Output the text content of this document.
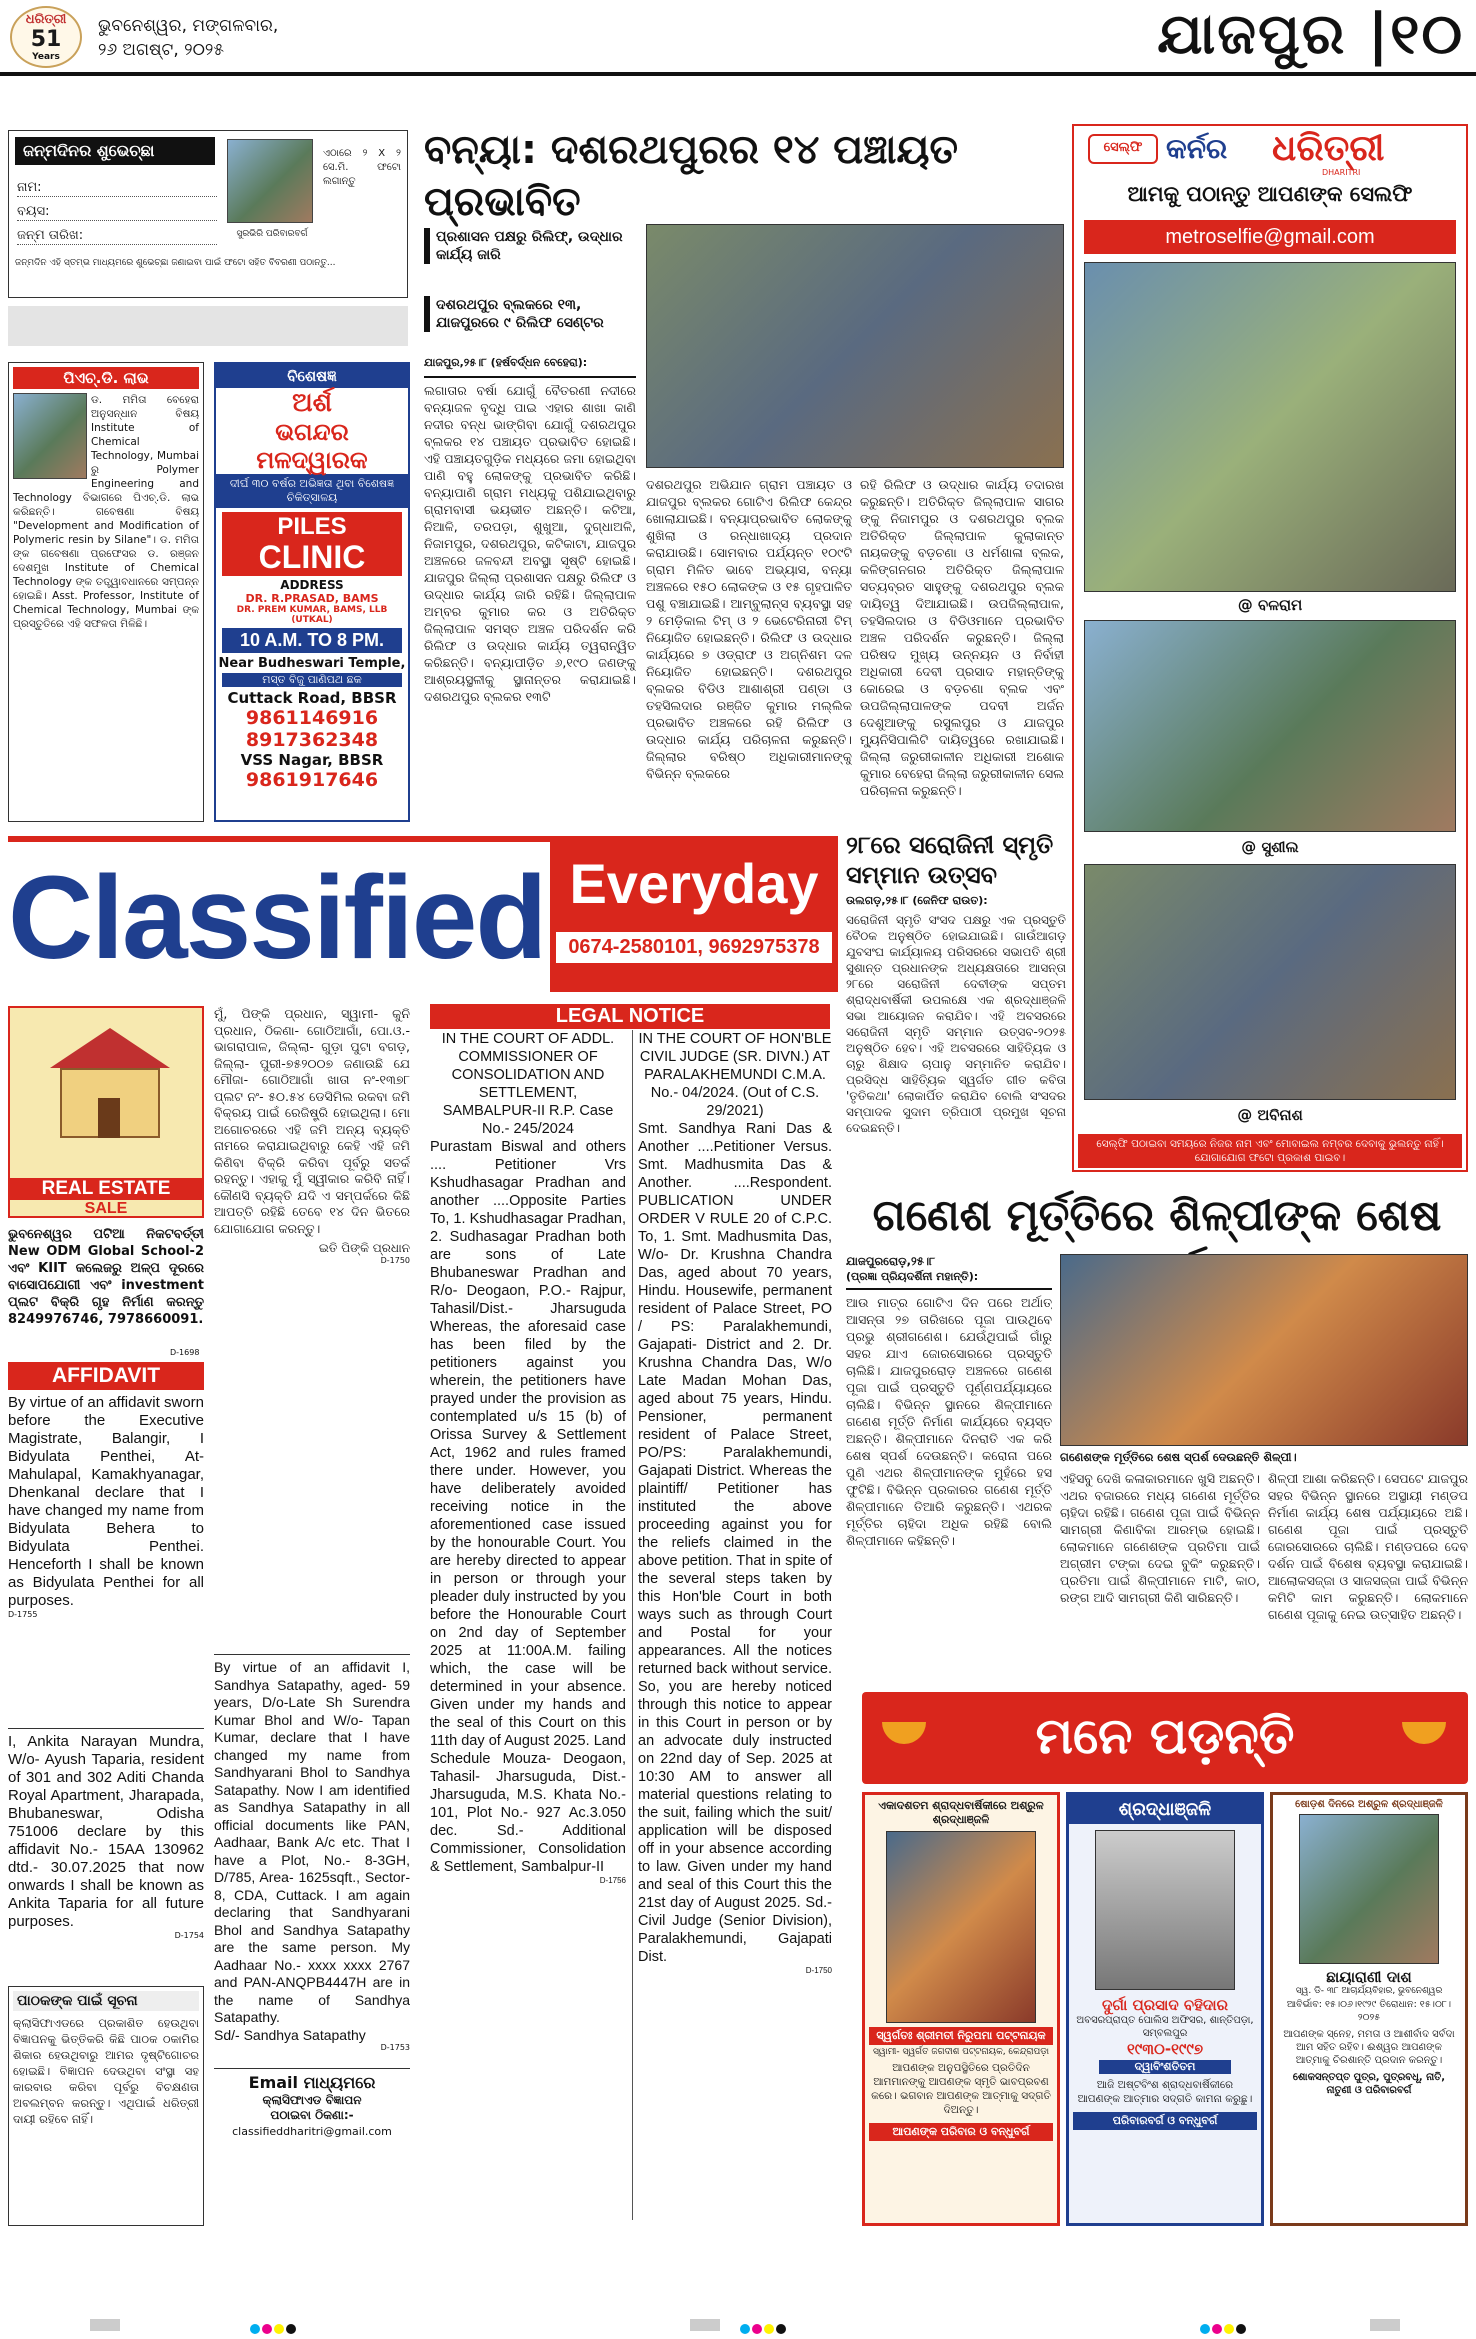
ଧରିତ୍ରୀ
51
Years
ଭୁବନେଶ୍ୱର, ମଙ୍ଗଳବାର,
୨୬ ଅଗଷ୍ଟ, ୨୦୨୫	ଯାଜପୁର |୧୦
ଜନ୍ମଦିନର ଶୁଭେଚ୍ଛା
ନାମ:
ବୟସ:
ଜନ୍ମ ତାରିଖ:
ଏଠାରେ ୨ X ୨ ସେ.ମି. ଫଟୋ ଲଗାନ୍ତୁ
ସୁରଭିରି ପରିବାରବର୍ଗ
ଜନ୍ମଦିନ ଏହି ସ୍ତମ୍ଭ ମାଧ୍ୟମରେ ଶୁଭେଚ୍ଛା ଜଣାଇବା ପାଇଁ ଫଟୋ ସହିତ ବିବରଣୀ ପଠାନ୍ତୁ...
ପିଏଚ୍.ଡି. ଲାଭ
ଡ. ମମିତା ବେହେରା ଅନୁସନ୍ଧାନ ବିଷୟ Institute of Chemical Technology, Mumbai ରୁ Polymer Engineering and Technology ବିଭାଗରେ ପିଏଚ୍.ଡି. ଲାଭ କରିଛନ୍ତି। ଗବେଷଣା ବିଷୟ "Development and Modification of Polymeric resin by Silane"। ଡ. ମମିତା ଙ୍କ ଗବେଷଣା ପ୍ରଫେସର ଡ. ରଞ୍ଜନ ଦେଶମୁଖ Institute of Chemical Technology ଙ୍କ ତତ୍ତ୍ୱାବଧାନରେ ସମ୍ପନ୍ନ ହୋଇଛି। Asst. Professor, Institute of Chemical Technology, Mumbai ଙ୍କ ପ୍ରସ୍ତୁତିରେ ଏହି ସଫଳତା ମିଳିଛି।
ବିଶେଷଜ୍ଞ
ଅର୍ଶ
ଭଗନ୍ଦର
ମଳଦ୍ୱାରକ
ଦୀର୍ଘ ୩୦ ବର୍ଷର ଅଭିଜ୍ଞତା ଥିବା ବିଶେଷଜ୍ଞ ଚିକିତ୍ସାଳୟ
PILES
CLINIC
ADDRESS
DR. R.PRASAD, BAMS
DR. PREM KUMAR, BAMS, LLB (UTKAL)
10 A.M. TO 8 PM.
Near Budheswari Temple,
ମସ୍ତ ବିଜୁ ପାଣିପଥ ଛକ
Cuttack Road, BBSR
9861146916
8917362348
VSS Nagar, BBSR
9861917646
ବନ୍ୟା: ଦଶରଥପୁରର ୧୪ ପଞ୍ଚାୟତ ପ୍ରଭାବିତ
ପ୍ରଶାସନ ପକ୍ଷରୁ ରିଲିଫ୍, ଉଦ୍ଧାର କାର୍ଯ୍ୟ ଜାରି
ଦଶରଥପୁର ବ୍ଲକରେ ୧୩, ଯାଜପୁରରେ ୯ ରିଲିଫ ସେଣ୍ଟର
ଯାଜପୁର,୨୫।୮ (ହର୍ଷବର୍ଦ୍ଧନ ବେହେରା):
ଲଗାତାର ବର୍ଷା ଯୋଗୁଁ ବୈତରଣୀ ନଦୀରେ ବନ୍ୟାଜଳ ବୃଦ୍ଧି ପାଇ ଏହାର ଶାଖା କାଣି ନଦୀର ବନ୍ଧ ଭାଙ୍ଗିବା ଯୋଗୁଁ ଦଶରଥପୁର ବ୍ଲକର ୧୪ ପଞ୍ଚାୟତ ପ୍ରଭାବିତ ହୋଇଛି। ଏହି ପଞ୍ଚାୟତଗୁଡ଼ିକ ମଧ୍ୟରେ ଜମା ହୋଇଥିବା ପାଣି ବହୁ ଲୋକଙ୍କୁ ପ୍ରଭାବିତ କରିଛି। ବନ୍ୟାପାଣି ଗ୍ରାମ ମଧ୍ୟକୁ ପଶିଯାଇଥିବାରୁ ଗ୍ରାମବାସୀ ଭୟଭୀତ ଅଛନ୍ତି। କଟିଆ, ନିଆଳି, ତରପଡ଼ା, ଶୁଖୁଆ, ଦୁଗ୍ଧାଅଳି, ନିଜାମପୁର, ଦଶରଥପୁର, କଟିକାଟା, ଯାଜପୁର ଅଞ୍ଚଳରେ ଜଳବନ୍ଦୀ ଅବସ୍ଥା ସୃଷ୍ଟି ହୋଇଛି। ଯାଜପୁର ଜିଲ୍ଲା ପ୍ରଶାସନ ପକ୍ଷରୁ ରିଲିଫ ଓ ଉଦ୍ଧାର କାର୍ଯ୍ୟ ଜାରି ରହିଛି। ଜିଲ୍ଲାପାଳ ଅମ୍ବର କୁମାର କର ଓ ଅତିରିକ୍ତ ଜିଲ୍ଲାପାଳ ସମସ୍ତ ଅଞ୍ଚଳ ପରିଦର୍ଶନ କରି ରିଲିଫ ଓ ଉଦ୍ଧାର କାର୍ଯ୍ୟ ତ୍ୱରାନ୍ୱିତ କରିଛନ୍ତି। ବନ୍ୟାପୀଡ଼ିତ ୬,୧୯୦ ଜଣଙ୍କୁ ଆଶ୍ରୟସ୍ଥଳୀକୁ ସ୍ଥାନାନ୍ତର କରାଯାଇଛି। ଦଶରଥପୁର ବ୍ଲକର ୧୩ଟି
ଦଶରଥପୁର ଅଭିଯାନ ଗ୍ରାମ ପଞ୍ଚାୟତ ଓ ଯାଜପୁର ବ୍ଲକର ଗୋଟିଏ ରିଲିଫ କେନ୍ଦ୍ର ଖୋଲାଯାଇଛି। ବନ୍ୟାପ୍ରଭାବିତ ଲୋକଙ୍କୁ ଶୁଖିଲା ଓ ରନ୍ଧାଖାଦ୍ୟ ପ୍ରଦାନ କରାଯାଉଛି। ସୋମବାର ପର୍ଯ୍ୟନ୍ତ ୧୦୯ଟି ଗ୍ରାମ ମିଳିତ ଭାବେ ଅଭ୍ୟାସ, ବନ୍ୟା ଅଞ୍ଚଳରେ ୧୫୦ ଲୋକଙ୍କ ଓ ୧୫ ଗୃହପାଳିତ ପଶୁ ବଞ୍ଚାଯାଇଛି। ଆମ୍ବୁଲାନ୍ସ ବ୍ୟବସ୍ଥା ସହ ୨ ମେଡ଼ିକାଲ ଟିମ୍ ଓ ୨ ଭେଟେରିନାରୀ ଟିମ୍ ନିୟୋଜିତ ହୋଇଛନ୍ତି। ରିଲିଫ ଓ ଉଦ୍ଧାର କାର୍ଯ୍ୟରେ ୭ ଓଡ୍ରାଫ ଓ ଅଗ୍ନିଶମ ଦଳ ନିୟୋଜିତ ହୋଇଛନ୍ତି। ଦଶରଥପୁର ବ୍ଲକର ବିଡିଓ ଆଶାଶ୍ରୀ ପଣ୍ଡା ଓ ତହସିଲଦାର ରଞ୍ଜିତ କୁମାର ମଲ୍ଲିକ ପ୍ରଭାବିତ ଅଞ୍ଚଳରେ ରହି ରିଲିଫ ଓ ଉଦ୍ଧାର କାର୍ଯ୍ୟ ପରିଚାଳନା କରୁଛନ୍ତି। ଜିଲ୍ଲାର ବରିଷ୍ଠ ଅଧିକାରୀମାନଙ୍କୁ ବିଭିନ୍ନ ବ୍ଲକରେ
ରହି ରିଲିଫ ଓ ଉଦ୍ଧାର କାର୍ଯ୍ୟ ତଦାରଖ କରୁଛନ୍ତି। ଅତିରିକ୍ତ ଜିଲ୍ଲାପାଳ ସାଗର ଙ୍କୁ ନିଜାମପୁର ଓ ଦଶରଥପୁର ବ୍ଲକ ଅତିରିକ୍ତ ଜିଲ୍ଲାପାଳ କୁଲାକାନ୍ତ ନାୟକଙ୍କୁ ବଡ଼ଚଣା ଓ ଧର୍ମଶାଳା ବ୍ଲକ, କଳିଙ୍ଗନଗର ଅତିରିକ୍ତ ଜିଲ୍ଲାପାଳ ସତ୍ୟବ୍ରତ ସାହୁଙ୍କୁ ଦଶରଥପୁର ବ୍ଲକ ଦାୟିତ୍ୱ ଦିଆଯାଇଛି। ଉପଜିଲ୍ଲାପାଳ, ତହସିଲଦାର ଓ ବିଡିଓମାନେ ପ୍ରଭାବିତ ଅଞ୍ଚଳ ପରିଦର୍ଶନ କରୁଛନ୍ତି। ଜିଲ୍ଲା ପରିଷଦ ମୁଖ୍ୟ ଉନ୍ନୟନ ଓ ନିର୍ବାହୀ ଅଧିକାରୀ ଦେବୀ ପ୍ରସାଦ ମହାନ୍ତିଙ୍କୁ କୋରେଇ ଓ ବଡ଼ଚଣା ବ୍ଲକ ଏବଂ ଉପଜିଲ୍ଲାପାଳଙ୍କ ପଦବୀ ଅର୍ଜନ ଦେଶୁଆଙ୍କୁ ରସୁଲପୁର ଓ ଯାଜପୁର ମ୍ୟୁନିସିପାଲିଟି ଦାୟିତ୍ୱରେ ରଖାଯାଇଛି। ଜିଲ୍ଲା ଜରୁରୀକାଳୀନ ଅଧିକାରୀ ଅଶୋକ କୁମାର ବେହେରା ଜିଲ୍ଲା ଜରୁରୀକାଳୀନ ସେଲ ପରିଚାଳନା କରୁଛନ୍ତି।
ସେଲ୍ଫି କର୍ନର ଧରିତ୍ରୀ
DHARITRI
ଆମକୁ ପଠାନ୍ତୁ ଆପଣଙ୍କ ସେଲଫି
metroselfie@gmail.com
@ ବଳରାମ
@ ସୁଶୀଲ
@ ଅବିନାଶ
ସେଲ୍ଫି ପଠାଇବା ସମୟରେ ନିଜର ନାମ ଏବଂ ମୋବାଇଲ ନମ୍ବର ଦେବାକୁ ଭୁଲନ୍ତୁ ନାହିଁ। ଯୋଗାଯୋଗ ଫଟୋ ପ୍ରକାଶ ପାଇବ।
୨୮ରେ ସରୋଜିନୀ ସ୍ମୃତି ସମ୍ମାନ ଉତ୍ସବ
ଉଲଗଡ଼,୨୫।୮ (ଜେନିଫ ରାଉତ):
ସରୋଜିନୀ ସ୍ମୃତି ସଂସଦ ପକ୍ଷରୁ ଏକ ପ୍ରସ୍ତୁତି ବୈଠକ ଅନୁଷ୍ଠିତ ହୋଇଯାଇଛି। ଗାଉଁଆଗଡ଼ ଯୁବସଂଘ କାର୍ଯ୍ୟାଳୟ ପରିସରରେ ସଭାପତି ଶ୍ରୀ ସୁଶାନ୍ତ ପ୍ରଧାନଙ୍କ ଅଧ୍ୟକ୍ଷତାରେ ଆସନ୍ତା ୨୮ରେ ସରୋଜିନୀ ଦେବୀଙ୍କ ସପ୍ତମ ଶ୍ରାଦ୍ଧବାର୍ଷିକୀ ଉପଲକ୍ଷେ ଏକ ଶ୍ରଦ୍ଧାଞ୍ଜଳି ସଭା ଆୟୋଜନ କରାଯିବ। ଏହି ଅବସରରେ ସରୋଜିନୀ ସ୍ମୃତି ସମ୍ମାନ ଉତ୍ସବ-୨୦୨୫ ଅନୁଷ୍ଠିତ ହେବ। ଏହି ଅବସରରେ ସାହିତ୍ୟିକ ଓ ଚାରୁ ଶିକ୍ଷାଦ ଚାପାନୁ ସମ୍ମାନିତ କରାଯିବ। ପ୍ରସିଦ୍ଧ ସାହିତ୍ୟିକ ସ୍ୱର୍ଗତ ଗୀତ କବିତା 'ତୃତିକଥା' ଲୋକାର୍ପିତ କରାଯିବ ବୋଲି ସଂସଦର ସମ୍ପାଦକ ସୁଦାମ ତ୍ରିପାଠୀ ପ୍ରମୁଖ ସୂଚନା ଦେଇଛନ୍ତି।
Classified Everyday
0674-2580101, 9692975378
REAL ESTATE
SALE
ଭୁବନେଶ୍ୱର ପଟିଆ ନିକଟବର୍ତ୍ତୀ New ODM Global School-2 ଏବଂ KIIT କଲେଜରୁ ଅଳ୍ପ ଦୂରରେ ବାସୋପଯୋଗୀ ଏବଂ investment ପ୍ଲଟ ବିକ୍ରି ଗୃହ ନିର୍ମାଣ କରନ୍ତୁ 8249976746, 7978660091.
D-1698
AFFIDAVIT
By virtue of an affidavit sworn before the Executive Magistrate, Balangir, I Bidyulata Penthei, At- Mahulapal, Kamakhyanagar, Dhenkanal declare that I have changed my name from Bidyulata Behera to Bidyulata Penthei. Henceforth I shall be known as Bidyulata Penthei for all purposes.
D-1755
I, Ankita Narayan Mundra, W/o- Ayush Taparia, resident of 301 and 302 Aditi Chanda Royal Apartment, Jharapada, Bhubaneswar, Odisha 751006 declare by this affidavit No.- 15AA 130962 dtd.- 30.07.2025 that now onwards I shall be known as Ankita Taparia for all future purposes.
D-1754
ପାଠକଙ୍କ ପାଇଁ ସୂଚନା
କ୍ଲାସିଫାଏଡରେ ପ୍ରକାଶିତ ହେଉଥିବା ବିଜ୍ଞାପନକୁ ଭିତ୍ତିକରି କିଛି ପାଠକ ଠକାମିର ଶିକାର ହେଉଥିବାରୁ ଆମର ଦୃଷ୍ଟିଗୋଚର ହୋଇଛି। ବିଜ୍ଞାପନ ଦେଉଥିବା ସଂସ୍ଥା ସହ କାରବାର କରିବା ପୂର୍ବରୁ ବିଚକ୍ଷଣତା ଅବଲମ୍ବନ କରନ୍ତୁ। ଏଥିପାଇଁ ଧରିତ୍ରୀ ଦାୟୀ ରହିବେ ନାହିଁ।
ମୁଁ, ପିଙ୍କି ପ୍ରଧାନ, ସ୍ୱାମୀ- କୁନି ପ୍ରଧାନ, ଠିକଣା- ଗୋଠିଆଗାଁ, ପୋ.ଓ.- ଭାଗରାପାଳ, ଜିଲ୍ଲା- ଗୁଡ଼ା ପୁଟା ବଗଡ଼, ଜିଲ୍ଲା- ପୁରୀ-୭୫୨୦୦୭ ଜଣାଉଛି ଯେ ମୌଜା- ଗୋଠିଆଗାଁ ଖାତା ନଂ-୧୩୭୮ ପ୍ଲଟ ନଂ- ୫୦.୫୪ ଡେସିମିଲ ରକବା ଜମି ବିକ୍ରୟ ପାଇଁ ରେଜିଷ୍ଟ୍ରି ହୋଇଥିଲା। ମୋ ଅଗୋଚରରେ ଏହି ଜମି ଅନ୍ୟ ବ୍ୟକ୍ତି ନାମରେ କରାଯାଇଥିବାରୁ କେହି ଏହି ଜମି କିଣିବା ବିକ୍ରି କରିବା ପୂର୍ବରୁ ସତର୍କ ରହନ୍ତୁ। ଏହାକୁ ମୁଁ ସ୍ୱୀକାର କରିବି ନାହିଁ। କୌଣସି ବ୍ୟକ୍ତି ଯଦି ଏ ସମ୍ପର୍କରେ କିଛି ଆପତ୍ତି ରହିଛି ତେବେ ୧୪ ଦିନ ଭିତରେ ଯୋଗାଯୋଗ କରନ୍ତୁ।
ଇତି ପିଙ୍କି ପ୍ରଧାନ
D-1750
By virtue of an affidavit I, Sandhya Satapathy, aged- 59 years, D/o-Late Sh Surendra Kumar Bhol and W/o- Tapan Kumar, declare that I have changed my name from Sandhyarani Bhol to Sandhya Satapathy. Now I am identified as Sandhya Satapathy in all official documents like PAN, Aadhaar, Bank A/c etc. That I have a Plot, No.- 8-3GH, D/785, Area- 1625sqft., Sector-8, CDA, Cuttack. I am again declaring that Sandhyarani Bhol and Sandhya Satapathy are the same person. My Aadhaar No.- xxxx xxxx 2767 and PAN-ANQPB4447H are in the name of Sandhya Satapathy.
Sd/- Sandhya Satapathy
D-1753
Email ମାଧ୍ୟମରେ
କ୍ଲାସିଫାଏଡ ବିଜ୍ଞାପନ
ପଠାଇବା ଠିକଣା:-
classifieddharitri@gmail.com
LEGAL NOTICE
IN THE COURT OF ADDL. COMMISSIONER OF CONSOLIDATION AND SETTLEMENT, SAMBALPUR-II R.P. Case No.- 245/2024
Purastam Biswal and others .... Petitioner Vrs Kshudhasagar Pradhan and another ....Opposite Parties To, 1. Kshudhasagar Pradhan, 2. Sudhasagar Pradhan both are sons of Late Bhubaneswar Pradhan and R/o- Deogaon, P.O.- Rajpur, Tahasil/Dist.- Jharsuguda Whereas, the aforesaid case has been filed by the petitioners against you wherein, the petitioners have prayed under the provision as contemplated u/s 15 (b) of Orissa Survey & Settlement Act, 1962 and rules framed there under. However, you have deliberately avoided receiving notice in the aforementioned case issued by the honourable Court. You are hereby directed to appear in person or through your pleader duly instructed by you before the Honourable Court on 2nd day of September 2025 at 11:00A.M. failing which, the case will be determined in your absence. Given under my hands and the seal of this Court on this 11th day of August 2025. Land Schedule Mouza- Deogaon, Tahasil- Jharsuguda, Dist.- Jharsuguda, M.S. Khata No.- 101, Plot No.- 927 Ac.3.050 dec. Sd.- Additional Commissioner, Consolidation & Settlement, Sambalpur-II
D-1756
IN THE COURT OF HON'BLE CIVIL JUDGE (SR. DIVN.) AT PARALAKHEMUNDI C.M.A. No.- 04/2024. (Out of C.S. 29/2021)
Smt. Sandhya Rani Das & Another ....Petitioner Versus. Smt. Madhusmita Das & Another. ....Respondent. PUBLICATION UNDER ORDER V RULE 20 of C.P.C. To, 1. Smt. Madhusmita Das, W/o- Dr. Krushna Chandra Das, aged about 70 years, Hindu. Housewife, permanent resident of Palace Street, PO / PS: Paralakhemundi, Gajapati- District and 2. Dr. Krushna Chandra Das, W/o Late Madan Mohan Das, aged about 75 years, Hindu. Pensioner, permanent resident of Palace Street, PO/PS: Paralakhemundi, Gajapati District. Whereas the plaintiff/ Petitioner has instituted the above proceeding against you for the reliefs claimed in the above petition. That in spite of the several steps taken by this Hon'ble Court in both ways such as through Court and Postal for your appearances. All the notices returned back without service. So, you are hereby noticed through this notice to appear in this Court in person or by an advocate duly instructed on 22nd day of Sep. 2025 at 10:30 AM to answer all material questions relating to the suit, failing which the suit/ application will be disposed off in your absence according to law. Given under my hand and seal of this Court this the 21st day of August 2025. Sd.- Civil Judge (Senior Division), Paralakhemundi, Gajapati Dist.
D-1750
ଗଣେଶ ମୂର୍ତ୍ତିରେ ଶିଳ୍ପୀଙ୍କ ଶେଷ
ଯାଜପୁରରୋଡ଼,୨୫।୮
(ପ୍ରଜ୍ଞା ପ୍ରିୟଦର୍ଶିନୀ ମହାନ୍ତି):
ଆଉ ମାତ୍ର ଗୋଟିଏ ଦିନ ପରେ ଅର୍ଥାତ୍ ଆସନ୍ତା ୨୭ ତାରିଖରେ ପୂଜା ପାଉଥିବେ ପ୍ରଭୁ ଶ୍ରୀଗଣେଶ। ଯେଉଁଥିପାଇଁ ଗାଁରୁ ସହର ଯାଏ ଜୋରସୋରରେ ପ୍ରସ୍ତୁତି ଚାଲିଛି। ଯାଜପୁରରୋଡ଼ ଅଞ୍ଚଳରେ ଗଣେଶ ପୂଜା ପାଇଁ ପ୍ରସ୍ତୁତି ପୂର୍ଣ୍ଣପର୍ଯ୍ୟାୟରେ ଚାଲିଛି। ବିଭିନ୍ନ ସ୍ଥାନରେ ଶିଳ୍ପୀମାନେ ଗଣେଶ ମୂର୍ତ୍ତି ନିର୍ମାଣ କାର୍ଯ୍ୟରେ ବ୍ୟସ୍ତ ଅଛନ୍ତି। ଶିଳ୍ପୀମାନେ ଦିନରାତି ଏକ କରି ଶେଷ ସ୍ପର୍ଶ ଦେଉଛନ୍ତି। କରୋନା ପରେ ପୁଣି ଏଥର ଶିଳ୍ପୀମାନଙ୍କ ମୁହଁରେ ହସ ଫୁଟିଛି। ବିଭିନ୍ନ ପ୍ରକାରର ଗଣେଶ ମୂର୍ତ୍ତି ଶିଳ୍ପୀମାନେ ତିଆରି କରୁଛନ୍ତି। ଏଥରକ ମୂର୍ତ୍ତିର ଚାହିଦା ଅଧିକ ରହିଛି ବୋଲି ଶିଳ୍ପୀମାନେ କହିଛନ୍ତି।
ଗଣେଶଙ୍କ ମୂର୍ତ୍ତିରେ ଶେଷ ସ୍ପର୍ଶ ଦେଉଛନ୍ତି ଶିଳ୍ପୀ।
ଏହିସବୁ ଦେଖି କଳାକାରମାନେ ଖୁସି ଅଛନ୍ତି। ଏଥର ବଜାରରେ ମଧ୍ୟ ଗଣେଶ ମୂର୍ତ୍ତିର ଚାହିଦା ରହିଛି। ଗଣେଶ ପୂଜା ପାଇଁ ବିଭିନ୍ନ ସାମଗ୍ରୀ କିଣାବିକା ଆରମ୍ଭ ହୋଇଛି। ଲୋକମାନେ ଗଣେଶଙ୍କ ପ୍ରତିମା ପାଇଁ ଅଗ୍ରୀମ ଟଙ୍କା ଦେଇ ବୁକିଂ କରୁଛନ୍ତି। ପ୍ରତିମା ପାଇଁ ଶିଳ୍ପୀମାନେ ମାଟି, କାଠ, ରଙ୍ଗ ଆଦି ସାମଗ୍ରୀ କିଣି ସାରିଛନ୍ତି।
ଶିଳ୍ପୀ ଆଶା କରିଛନ୍ତି। ସେପଟେ ଯାଜପୁର ସହର ବିଭିନ୍ନ ସ୍ଥାନରେ ଅସ୍ଥାୟୀ ମଣ୍ଡପ ନିର୍ମାଣ କାର୍ଯ୍ୟ ଶେଷ ପର୍ଯ୍ୟାୟରେ ଅଛି। ଗଣେଶ ପୂଜା ପାଇଁ ପ୍ରସ୍ତୁତି ଜୋରସୋରରେ ଚାଲିଛି। ମଣ୍ଡପରେ ଦେବ ଦର୍ଶନ ପାଇଁ ବିଶେଷ ବ୍ୟବସ୍ଥା କରାଯାଇଛି। ଆଲୋକସଜ୍ଜା ଓ ସାଜସଜ୍ଜା ପାଇଁ ବିଭିନ୍ନ କମିଟି କାମ କରୁଛନ୍ତି। ଲୋକମାନେ ଗଣେଶ ପୂଜାକୁ ନେଇ ଉତ୍ସାହିତ ଅଛନ୍ତି।
ମନେ ପଡ଼ନ୍ତି
ଏକାଦଶତମ ଶ୍ରାଦ୍ଧବାର୍ଷିକୀରେ ଅଶ୍ରୁଳ ଶ୍ରଦ୍ଧାଞ୍ଜଳି
ସ୍ୱର୍ଗତଃ ଶ୍ରୀମତୀ ନିରୁପମା ପଟ୍ଟନାୟକ
ସ୍ୱାମୀ- ସ୍ୱର୍ଗତ ଜଗଦୀଶ ପଟ୍ଟନାୟକ, କେନ୍ଦ୍ରାପଡ଼ା
ଆପଣଙ୍କ ଅନୁପସ୍ଥିତିରେ ପ୍ରତିଦିନ ଆମମାନଙ୍କୁ ଆପଣଙ୍କ ସ୍ମୃତି ଭାବପ୍ରବଣ କରେ। ଭଗବାନ ଆପଣଙ୍କ ଆତ୍ମାକୁ ସଦ୍‌ଗତି ଦିଅନ୍ତୁ।
ଆପଣଙ୍କ ପରିବାର ଓ ବନ୍ଧୁବର୍ଗ
ଶ୍ରଦ୍ଧାଞ୍ଜଳି
ଦୁର୍ଗା ପ୍ରସାଦ ବହିଦାର
ଅବସରପ୍ରାପ୍ତ ପୋଲିସ ଅଫିସର, ଶାନ୍ତିପଡ଼ା, ସମ୍ବଲପୁର
୧୯୩୦-୧୯୯୭
ଦ୍ୱାବିଂଶତିତମ
ଆଜି ଅଷ୍ଟବିଂଶ ଶ୍ରାଦ୍ଧବାର୍ଷିକୀରେ ଆପଣଙ୍କ ଆତ୍ମାର ସଦ୍‌ଗତି କାମନା କରୁଛୁ।
ପରିବାରବର୍ଗ ଓ ବନ୍ଧୁବର୍ଗ
ଷୋଡ଼ଶ ଦିନରେ ଅଶ୍ରୁଳ ଶ୍ରଦ୍ଧାଞ୍ଜଳି
ଛାୟାରାଣୀ ଦାଶ
ସ୍ୱ. ଡି- ୩୮ ଆଚାର୍ଯ୍ୟବିହାର, ଭୁବନେଶ୍ୱର
ଆବିର୍ଭାବ: ୧୫।୦୬।୧୯୨୯ ତିରୋଧାନ: ୧୫।୦୮।୨୦୨୫
ଆପଣଙ୍କ ସ୍ନେହ, ମମତା ଓ ଆଶୀର୍ବାଦ ସର୍ବଦା ଆମ ସହିତ ରହିବ। ଈଶ୍ୱର ଆପଣଙ୍କ ଆତ୍ମାକୁ ଚିରଶାନ୍ତି ପ୍ରଦାନ କରନ୍ତୁ।
ଶୋକସନ୍ତପ୍ତ ପୁତ୍ର, ପୁତ୍ରବଧୂ, ନାତି, ନାତୁଣୀ ଓ ପରିବାରବର୍ଗ
